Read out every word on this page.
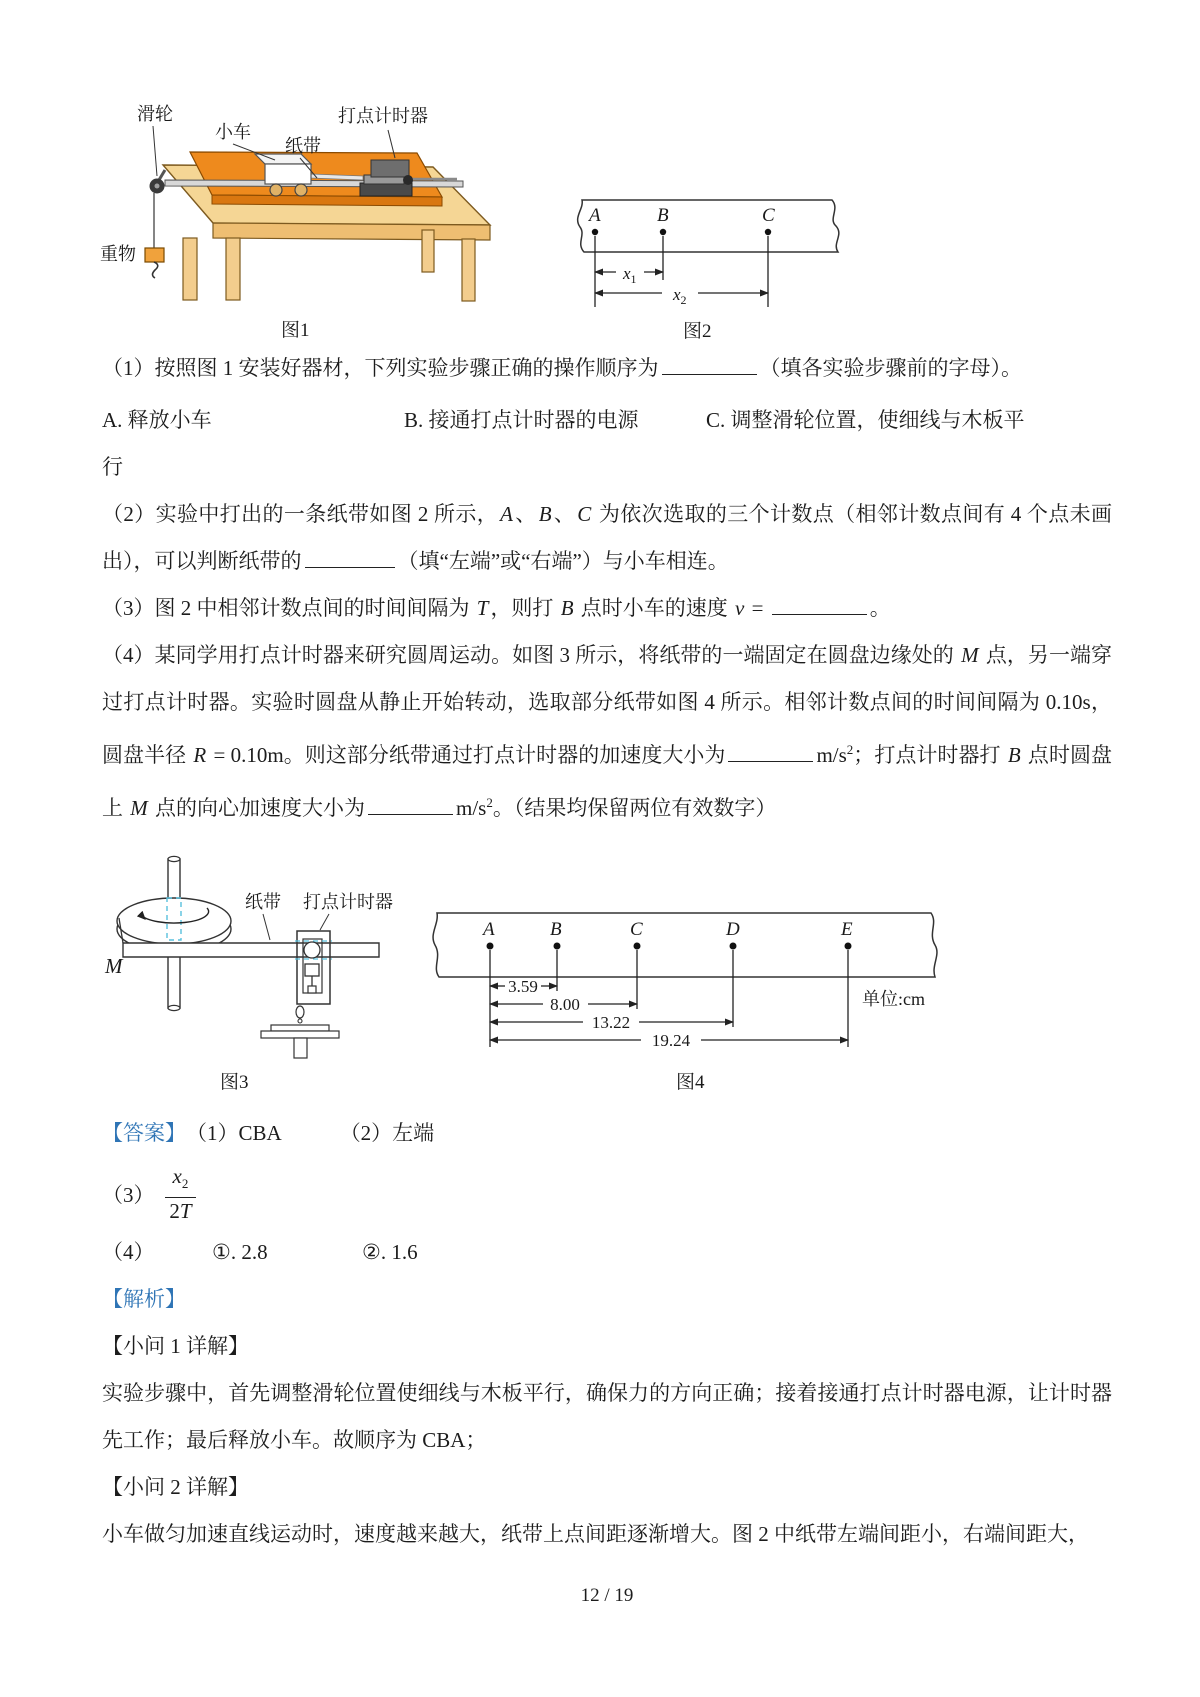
滑轮
小车
纸带
打点计时器
重物
图1
A	B	C
$x_1$
$x_2$
图2

（1）按照图 1 安装好器材，下列实验步骤正确的操作顺序为	（填各实验步骤前的字母）。

A. 释放小车	B. 接通打点计时器的电源	C. 调整滑轮位置，使细线与木板平

行

（2）实验中打出的一条纸带如图 2 所示，A、B、C 为依次选取的三个计数点（相邻计数点间有 4 个点未画出），可以判断纸带的	（填“左端”或“右端”）与小车相连。

（3）图 2 中相邻计数点间的时间间隔为 T，则打 B 点时小车的速度 v =	。

（4）某同学用打点计时器来研究圆周运动。如图 3 所示，将纸带的一端固定在圆盘边缘处的 M 点，另一端穿过打点计时器。实验时圆盘从静止开始转动，选取部分纸带如图 4 所示。相邻计数点间的时间间隔为 0.10s，圆盘半径 R = 0.10m。则这部分纸带通过打点计时器的加速度大小为	$m/s^2$；打点计时器打 B 点时圆盘上 M 点的向心加速度大小为	$m/s^2$。（结果均保留两位有效数字）

纸带 打点计时器
M
图3
A	B	C	D	E
3.59
8.00
13.22
19.24
单位:cm
图4
【答案】 （1）CBA	（2）左端
$(3) \frac{x_2}{2T}$
（4）	①. 2.8	②. 1.6

【解析】

【小问 1 详解】

实验步骤中，首先调整滑轮位置使细线与木板平行，确保力的方向正确；接着接通打点计时器电源，让计时器先工作；最后释放小车。故顺序为 CBA；

【小问 2 详解】

小车做匀加速直线运动时，速度越来越大，纸带上点间距逐渐增大。图 2 中纸带左端间距小，右端间距大，

12 / 19
